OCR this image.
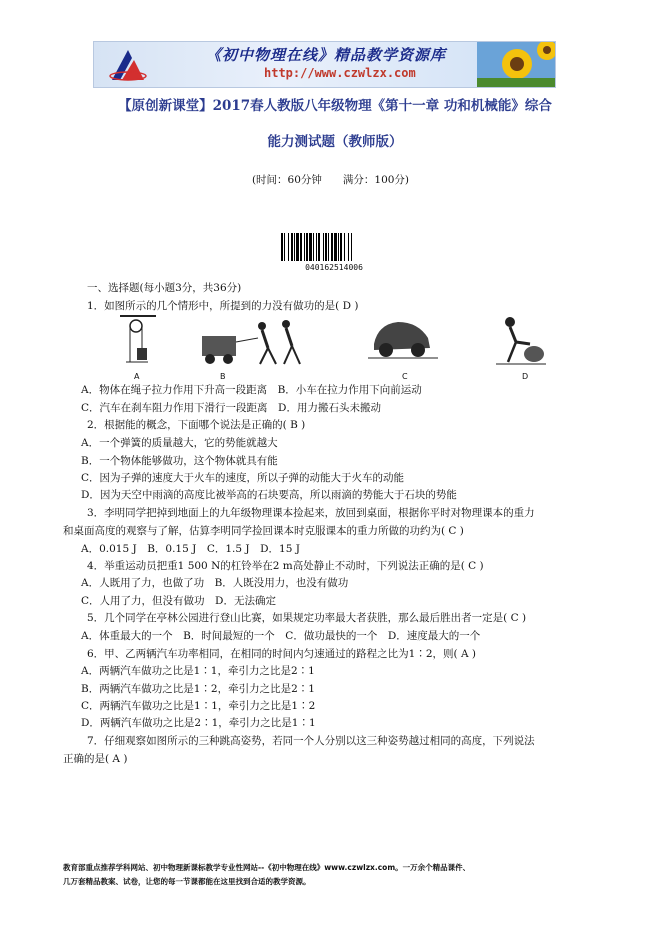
《初中物理在线》精品教学资源库
http://www.czwlzx.com
【原创新课堂】2017春人教版八年级物理《第十一章 功和机械能》综合
能力测试题（教师版）
(时间：60分钟　　满分：100分)
040162514006
一、选择题(每小题3分，共36分)
A	B	C	D
1．如图所示的几个情形中，所提到的力没有做功的是( D )
A．物体在绳子拉力作用下升高一段距离　B．小车在拉力作用下向前运动
C．汽车在刹车阻力作用下滑行一段距离　D．用力搬石头未搬动
2．根据能的概念，下面哪个说法是正确的( B )
A．一个弹簧的质量越大，它的势能就越大
B．一个物体能够做功，这个物体就具有能
C．因为子弹的速度大于火车的速度，所以子弹的动能大于火车的动能
D．因为天空中雨滴的高度比被举高的石块要高，所以雨滴的势能大于石块的势能
3．李明同学把掉到地面上的九年级物理课本捡起来，放回到桌面，根据你平时对物理课本的重力
和桌面高度的观察与了解，估算李明同学捡回课本时克服课本的重力所做的功约为( C )
A．0.015 J　B．0.15 J　C．1.5 J　D．15 J
4．举重运动员把重1 500 N的杠铃举在2 m高处静止不动时，下列说法正确的是( C )
A．人既用了力，也做了功　B．人既没用力，也没有做功
C．人用了力，但没有做功　D．无法确定
5．几个同学在亭林公园进行登山比赛，如果规定功率最大者获胜，那么最后胜出者一定是( C )
A．体重最大的一个　B．时间最短的一个　C．做功最快的一个　D．速度最大的一个
6．甲、乙两辆汽车功率相同，在相同的时间内匀速通过的路程之比为1∶2，则( A )
A．两辆汽车做功之比是1∶1，牵引力之比是2∶1
B．两辆汽车做功之比是1∶2，牵引力之比是2∶1
C．两辆汽车做功之比是1∶1，牵引力之比是1∶2
D．两辆汽车做功之比是2∶1，牵引力之比是1∶1
7．仔细观察如图所示的三种跳高姿势，若同一个人分别以这三种姿势越过相同的高度，下列说法
正确的是( A )
教育部重点推荐学科网站、初中物理新课标教学专业性网站--《初中物理在线》www.czwlzx.com。一万余个精品课件、
几万套精品教案、试卷，让您的每一节课都能在这里找到合适的教学资源。
